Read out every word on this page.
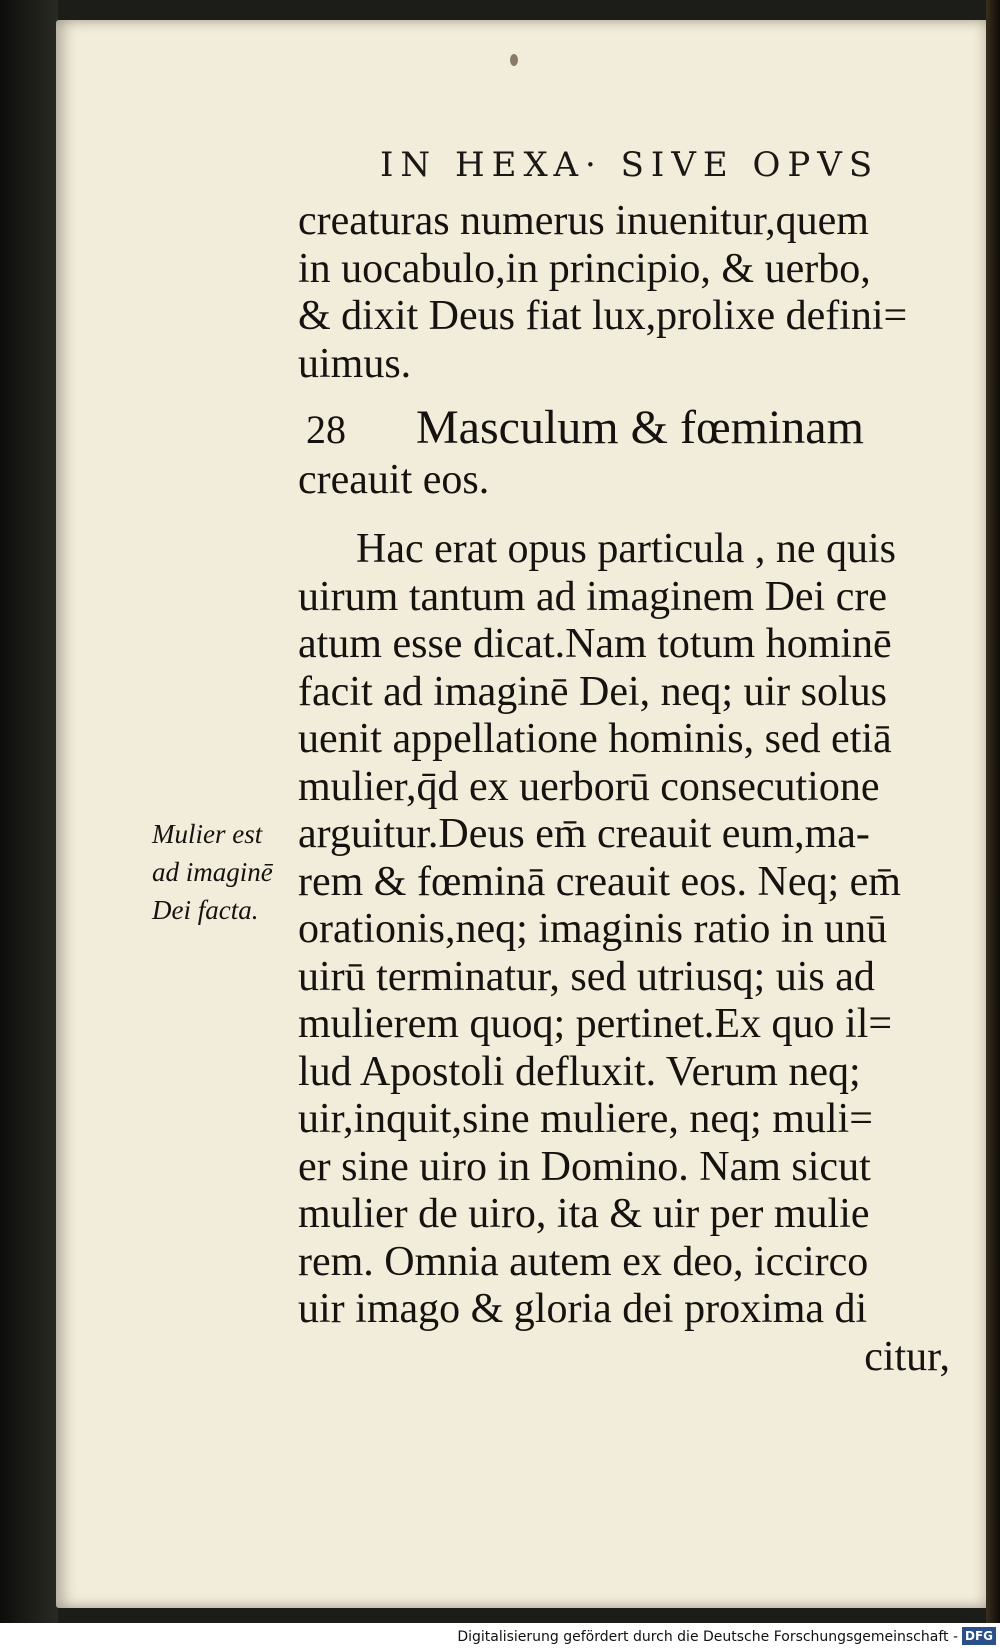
IN HEXA· SIVE OPVS
creaturas numerus inuenitur,quem
in uocabulo,in principio, & uerbo,
& dixit Deus fiat lux,prolixe defini=
uimus.
28 Masculum & fœminam
creauit eos.
Hac erat opus particula , ne quis
uirum tantum ad imaginem Dei cre
atum esse dicat.Nam totum hominē
facit ad imaginē Dei, neq; uir solus
uenit appellatione hominis, sed etiā
mulier,q̄d ex uerborū consecutione
arguitur.Deus em̄ creauit eum,ma-
rem & fœminā creauit eos. Neq; em̄
orationis,neq; imaginis ratio in unū
uirū terminatur, sed utriusq; uis ad
mulierem quoq; pertinet.Ex quo il=
lud Apostoli defluxit. Verum neq;
uir,inquit,sine muliere, neq; muli=
er sine uiro in Domino. Nam sicut
mulier de uiro, ita & uir per mulie
rem. Omnia autem ex deo, iccirco
uir imago & gloria dei proxima di
citur,
Mulier est
ad imaginē
Dei facta.
Digitalisierung gefördert durch die Deutsche Forschungsgemeinschaft - DFG
